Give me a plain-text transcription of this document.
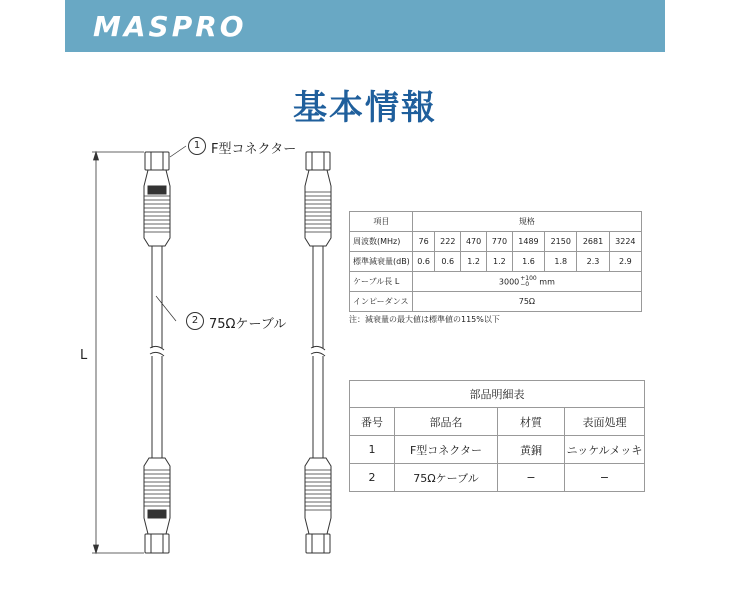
MASPRO
基本情報
1 F型コネクター
2 75Ωケーブル
L
項目	規格							
周波数(MHz)	76	222	470	770	1489	2150	2681	3224
標準減衰量(dB)	0.6	0.6	1.2	1.2	1.6	1.8	2.3	2.9
ケーブル長 L	3000+100
−0 mm							
インピーダンス	75Ω							
注：減衰量の最大値は標準値の115%以下
部品明細表			
番号	部品名	材質	表面処理
1	F型コネクター	黄銅	ニッケルメッキ
2	75Ωケーブル	−	−
